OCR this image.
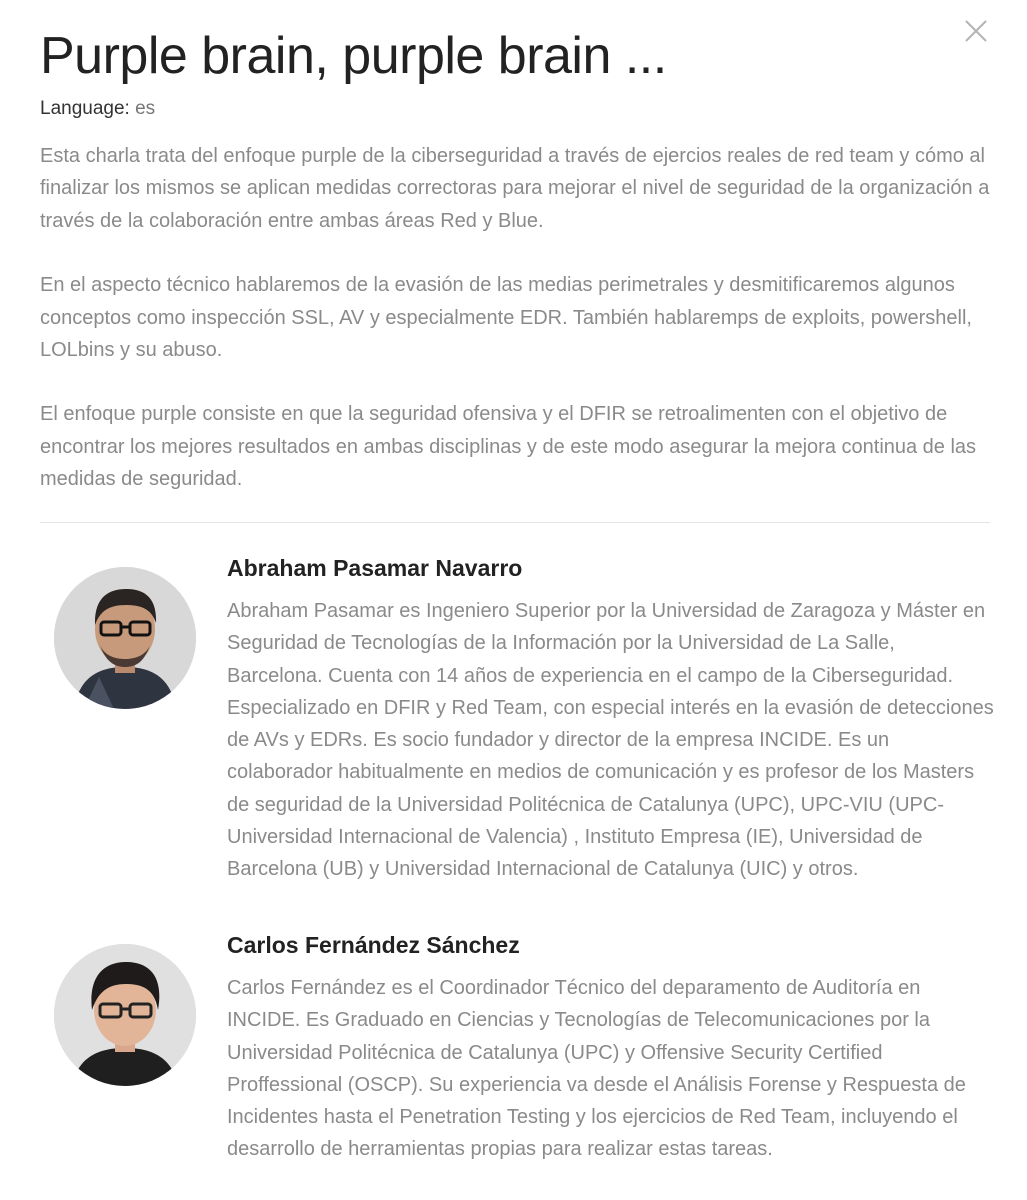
Purple brain, purple brain ...
Language: es

Esta charla trata del enfoque purple de la ciberseguridad a través de ejercios reales de red team y cómo al finalizar los mismos se aplican medidas correctoras para mejorar el nivel de seguridad de la organización a través de la colaboración entre ambas áreas Red y Blue.

En el aspecto técnico hablaremos de la evasión de las medias perimetrales y desmitificaremos algunos conceptos como inspección SSL, AV y especialmente EDR. También hablaremps de exploits, powershell, LOLbins y su abuso.

El enfoque purple consiste en que la seguridad ofensiva y el DFIR se retroalimenten con el objetivo de encontrar los mejores resultados en ambas disciplinas y de este modo asegurar la mejora continua de las medidas de seguridad.

Abraham Pasamar Navarro

Abraham Pasamar es Ingeniero Superior por la Universidad de Zaragoza y Máster en Seguridad de Tecnologías de la Información por la Universidad de La Salle, Barcelona. Cuenta con 14 años de experiencia en el campo de la Ciberseguridad. Especializado en DFIR y Red Team, con especial interés en la evasión de detecciones de AVs y EDRs. Es socio fundador y director de la empresa INCIDE. Es un colaborador habitualmente en medios de comunicación y es profesor de los Masters de seguridad de la Universidad Politécnica de Catalunya (UPC), UPC-VIU (UPC-Universidad Internacional de Valencia) , Instituto Empresa (IE), Universidad de Barcelona (UB) y Universidad Internacional de Catalunya (UIC) y otros.

Carlos Fernández Sánchez

Carlos Fernández es el Coordinador Técnico del deparamento de Auditoría en INCIDE. Es Graduado en Ciencias y Tecnologías de Telecomunicaciones por la Universidad Politécnica de Catalunya (UPC) y Offensive Security Certified Proffessional (OSCP). Su experiencia va desde el Análisis Forense y Respuesta de Incidentes hasta el Penetration Testing y los ejercicios de Red Team, incluyendo el desarrollo de herramientas propias para realizar estas tareas.
